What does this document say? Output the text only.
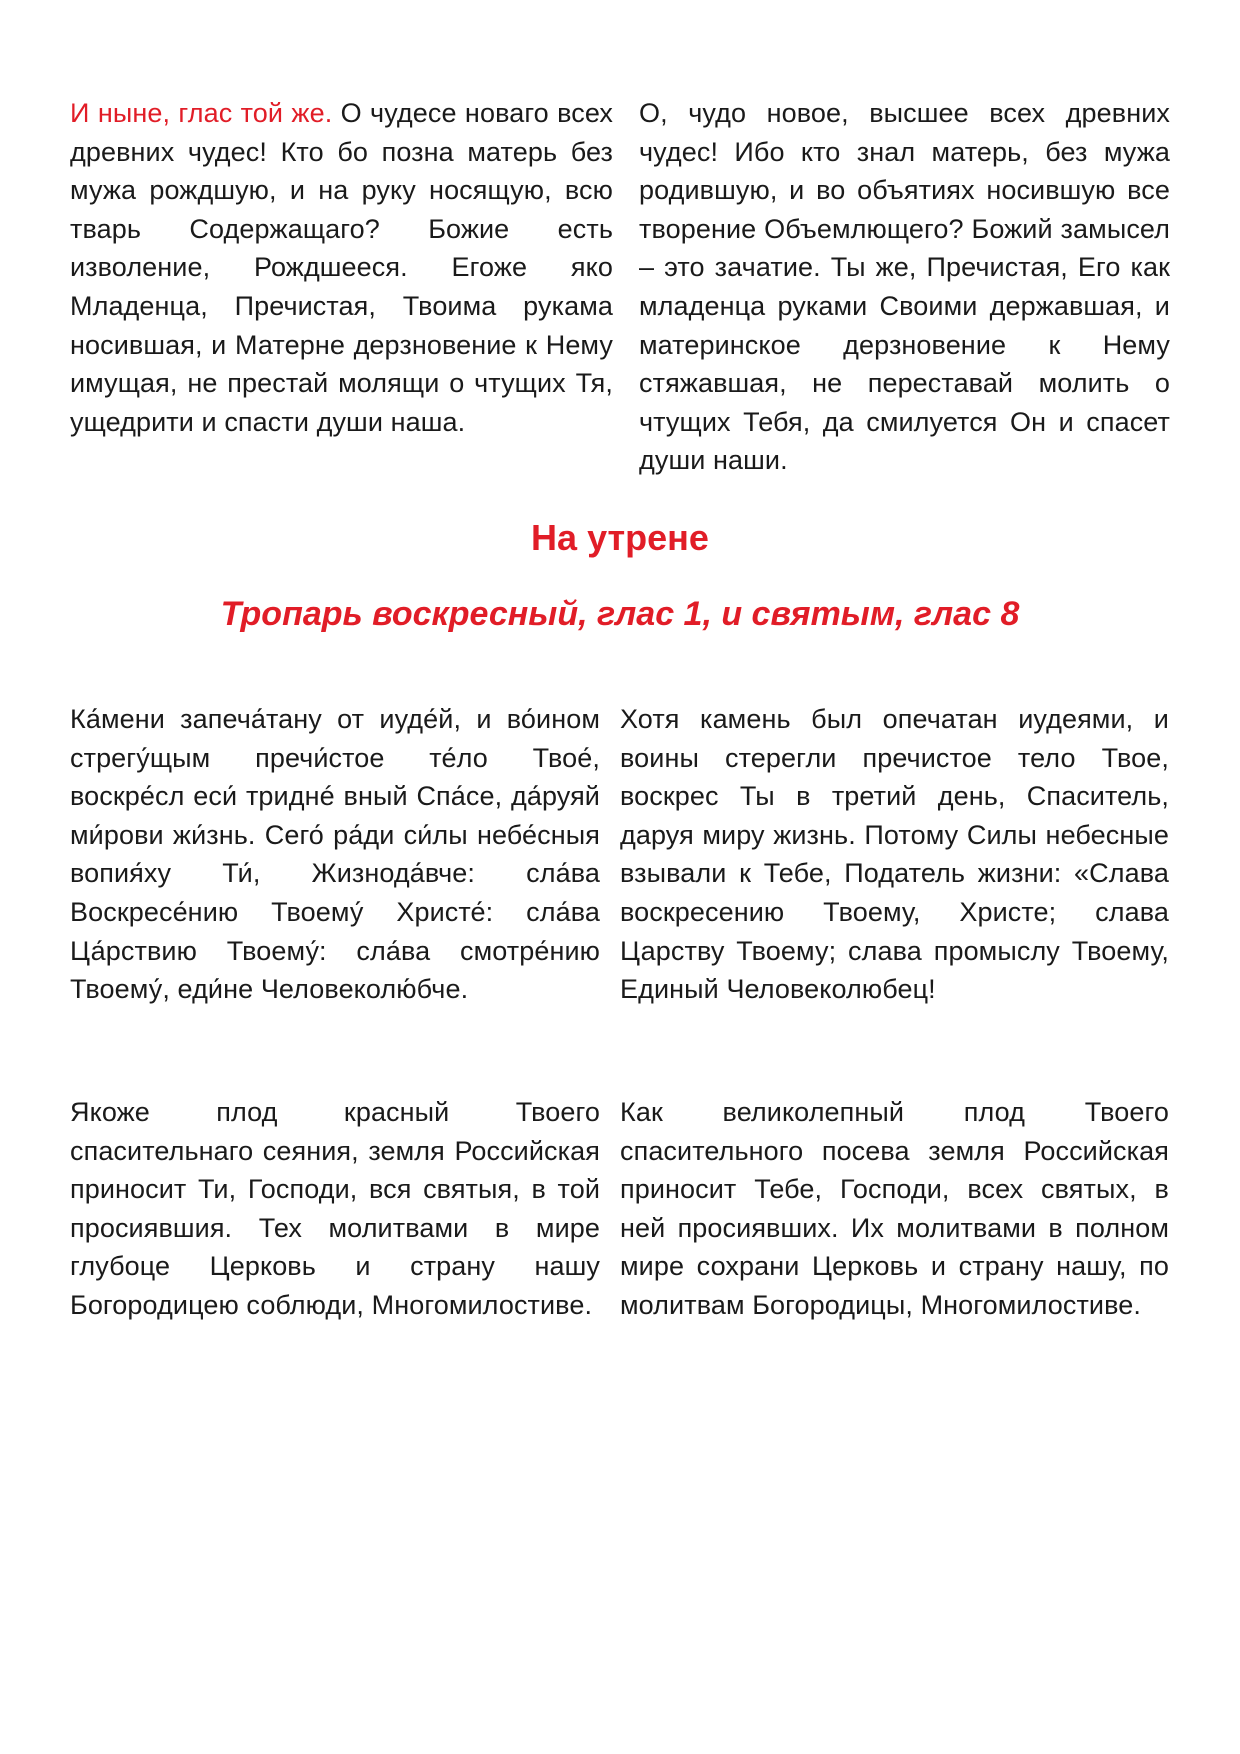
И ныне, глас той же. О чудесе новаго всех древних чудес! Кто бо позна матерь без мужа рождшую, и на руку носящую, всю тварь Содержащаго? Божие есть изволение, Рождшееся. Егоже яко Младенца, Пречистая, Твоима рукама носившая, и Матерне дерзновение к Нему имущая, не престай молящи о чтущих Тя, ущедрити и спасти души наша.

О, чудо новое, высшее всех древних чудес! Ибо кто знал матерь, без мужа родившую, и во объятиях носившую все творение Объемлющего? Божий замысел – это зачатие. Ты же, Пречистая, Его как младенца руками Своими державшая, и материнское дерзновение к Нему стяжавшая, не переставай молить о чтущих Тебя, да смилуется Он и спасет души наши.

На утрене
Тропарь воскресный, глас 1, и святым, глас 8

Ка́мени запеча́тану от иуде́й, и во́ином стрегу́щым пречи́стое те́ло Твое́, воскре́сл еси́ триднé вный Спа́се, да́руяй ми́рови жи́знь. Сего́ ра́ди си́лы небе́сныя вопия́ху Ти́, Жизнода́вче: сла́ва Воскресе́нию Твоему́ Христе́: сла́ва Ца́рствию Твоему́: сла́ва смотре́нию Твоему́, еди́не Человеколю́бче.

Хотя камень был опечатан иудеями, и воины стерегли пречистое тело Твое, воскрес Ты в третий день, Спаситель, даруя миру жизнь. Потому Силы небесные взывали к Тебе, Податель жизни: «Слава воскресению Твоему, Христе; слава Царству Твоему; слава промыслу Твоему, Единый Человеколюбец!

Якоже плод красный Твоего спасительнаго сеяния, земля Российская приносит Ти, Господи, вся святыя, в той просиявшия. Тех молитвами в мире глубоце Церковь и страну нашу Богородицею соблюди, Многомилостиве.

Как великолепный плод Твоего спасительного посева земля Российская приносит Тебе, Господи, всех святых, в ней просиявших. Их молитвами в полном мире сохрани Церковь и страну нашу, по молитвам Богородицы, Многомилостиве.
